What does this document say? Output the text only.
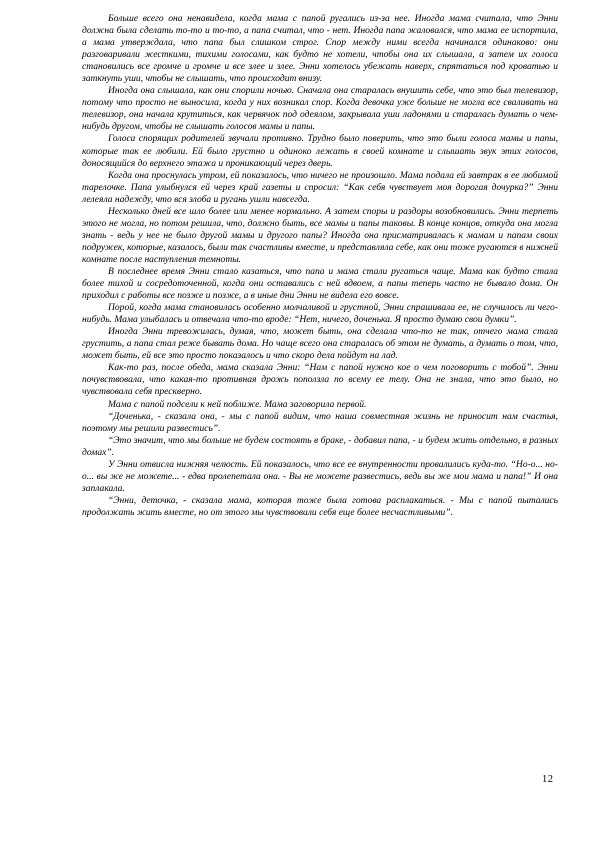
Больше всего она ненавидела, когда мама с папой ругались из-за нее. Иногда мама считала, что Энни должна была сделать то-то и то-то, а папа считал, что - нет. Иногда папа жаловался, что мама ее испортила, а мама утверждала, что папа был слишком строг. Спор между ними всегда начинался одинаково: они разговаривали жесткими, тихими голосами, как будто не хотели, чтобы она их слышала, а затем их голоса становились все громче и громче и все злее и злее. Энни хотелось убежать наверх, спрятаться под кроватью и заткнуть уши, чтобы не слышать, что происходит внизу.

Иногда она слышала, как они спорили ночью. Сначала она старалась внушить себе, что это был телевизор, потому что просто не выносила, когда у них возникал спор. Когда девочка уже больше не могла все сваливать на телевизор, она начала крутиться, как червячок под одеялом, закрывала уши ладонями и старалась думать о чем-нибудь другом, чтобы не слышать голосов мамы и папы.

Голоса спорящих родителей звучали противно. Трудно было поверить, что это были голоса мамы и папы, которые так ее любили. Ей было грустно и одиноко лежать в своей комнате и слышать звук этих голосов, доносящийся до верхнего этажа и проникающий через дверь.

Когда она проснулась утром, ей показалось, что ничего не произошло. Мама подала ей завтрак в ее любимой тарелочке. Папа улыбнулся ей через край газеты и спросил: “Как себя чувствует моя дорогая дочурка?” Энни лелеяла надежду, что вся злоба и ругань ушли навсегда.

Несколько дней все шло более или менее нормально. А затем споры и раздоры возобновились. Энни терпеть этого не могла, но потом решила, что, должно быть, все мамы и папы таковы. В конце концов, откуда она могла знать - ведь у нее не было другой мамы и другого папы? Иногда она присматривалась к мамам и папам своих подружек, которые, казалось, были так счастливы вместе, и представляла себе, как они тоже ругаются в нижней комнате после наступления темноты.

В последнее время Энни стало казаться, что папа и мама стали ругаться чаще. Мама как будто стала более тихой и сосредоточенной, когда они оставались с ней вдвоем, а папы теперь часто не бывало дома. Он приходил с работы все позже и позже, а в иные дни Энни не видела его вовсе.

Порой, когда мама становилась особенно молчаливой и грустной, Энни спрашивала ее, не случилось ли чего-нибудь. Мама улыбалась и отвечала что-то вроде: “Нет, ничего, доченька. Я просто думаю свои думки”.

Иногда Энни тревожилась, думая, что, может быть, она сделала что-то не так, отчего мама стала грустить, а папа стал реже бывать дома. Но чаще всего она старалась об этом не думать, а думать о том, что, может быть, ей все это просто показалось и что скоро дела пойдут на лад.

Как-то раз, после обеда, мама сказала Энни: “Нам с папой нужно кое о чем поговорить с тобой”. Энни почувствовала, что какая-то противная дрожь поползла по всему ее телу. Она не знала, что это было, но чувствовала себя прескверно.

Мама с папой подсели к ней поближе. Мама заговорила первой.

“Доченька, - сказала она, - мы с папой видим, что наша совместная жизнь не приносит нам счастья, поэтому мы решили развестись”.

“Это значит, что мы больше не будем состоять в браке, - добавил папа, - и будем жить отдельно, в разных домах”.

У Энни отвисла нижняя челюсть. Ей показалось, что все ее внутренности провалились куда-то. “Но-о... но-о... вы же не можете... - едва пролепетала она. - Вы не можете развестись, ведь вы же мои мама и папа!” И она заплакала.

“Энни, деточка, - сказала мама, которая тоже была готова расплакаться. - Мы с папой пытались продолжать жить вместе, но от этого мы чувствовали себя еще более несчастливыми”.

12
